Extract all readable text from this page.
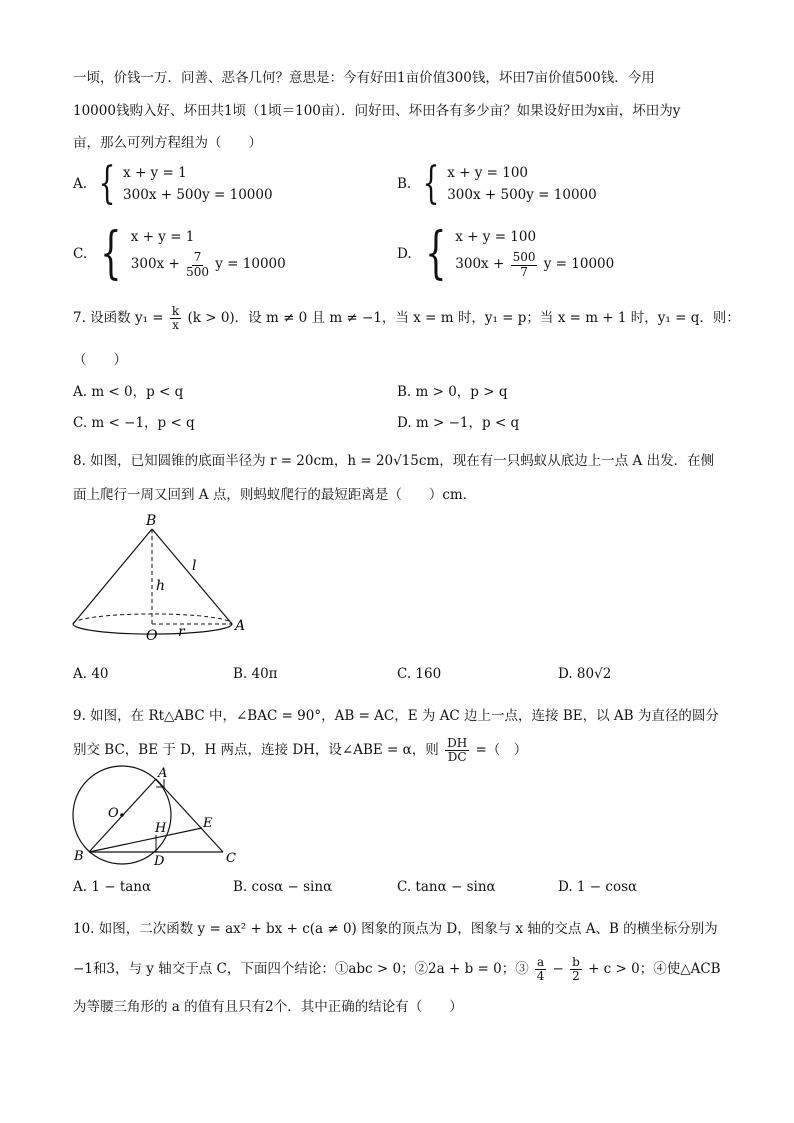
一顷，价钱一万．问善、恶各几何？意思是：今有好田1亩价值300钱，坏田7亩价值500钱．今用
10000钱购入好、坏田共1顷（1顷＝100亩）．问好田、坏田各有多少亩？如果设好田为x亩，坏田为y
亩，那么可列方程组为（　　）
A. { x + y = 1
300x + 500y = 10000
B. { x + y = 100
300x + 500y = 10000
C. { x + y = 1
$300x + \frac{7}{500}$ y = 10000
D. { x + y = 100
$300x + \frac{500}{7}$ y = 10000
7. 设函数 $y_1 = \frac{k}{x} (k > 0)$．设 m ≠ 0 且 m ≠ −1，当 x = m 时，y₁ = p；当 x = m + 1 时，y₁ = q．则：
（　　）
A. m < 0，p < q	B. m > 0，p > q
C. m < −1，p < q	D. m > −1，p < q
8. 如图，已知圆锥的底面半径为 r = 20cm，h = 20√15cm，现在有一只蚂蚁从底边上一点 A 出发．在侧
面上爬行一周又回到 A 点，则蚂蚁爬行的最短距离是（　　）cm．
B
h
l
O r	A
A. 40	B. 40π	C. 160	D. 80√2
9. 如图，在 Rt△ABC 中，∠BAC = 90°，AB = AC，E 为 AC 边上一点，连接 BE，以 AB 为直径的圆分
别交 BC，BE 于 D，H 两点，连接 DH，设∠ABE = α，则 $\frac{DH}{DC}$ =（　）
A
O
H	E
B	D	C
A. 1 − tanα	B. cosα − sinα	C. tanα − sinα	D. 1 − cosα
10. 如图，二次函数 y = ax² + bx + c(a ≠ 0) 图象的顶点为 D，图象与 x 轴的交点 A、B 的横坐标分别为
−1和3，与 y 轴交于点 C，下面四个结论：①abc > 0；②2a + b = 0；③ $\frac{a}{4} - \frac{b}{2} + c > 0$；④使△ACB
为等腰三角形的 a 的值有且只有2个．其中正确的结论有（　　）
